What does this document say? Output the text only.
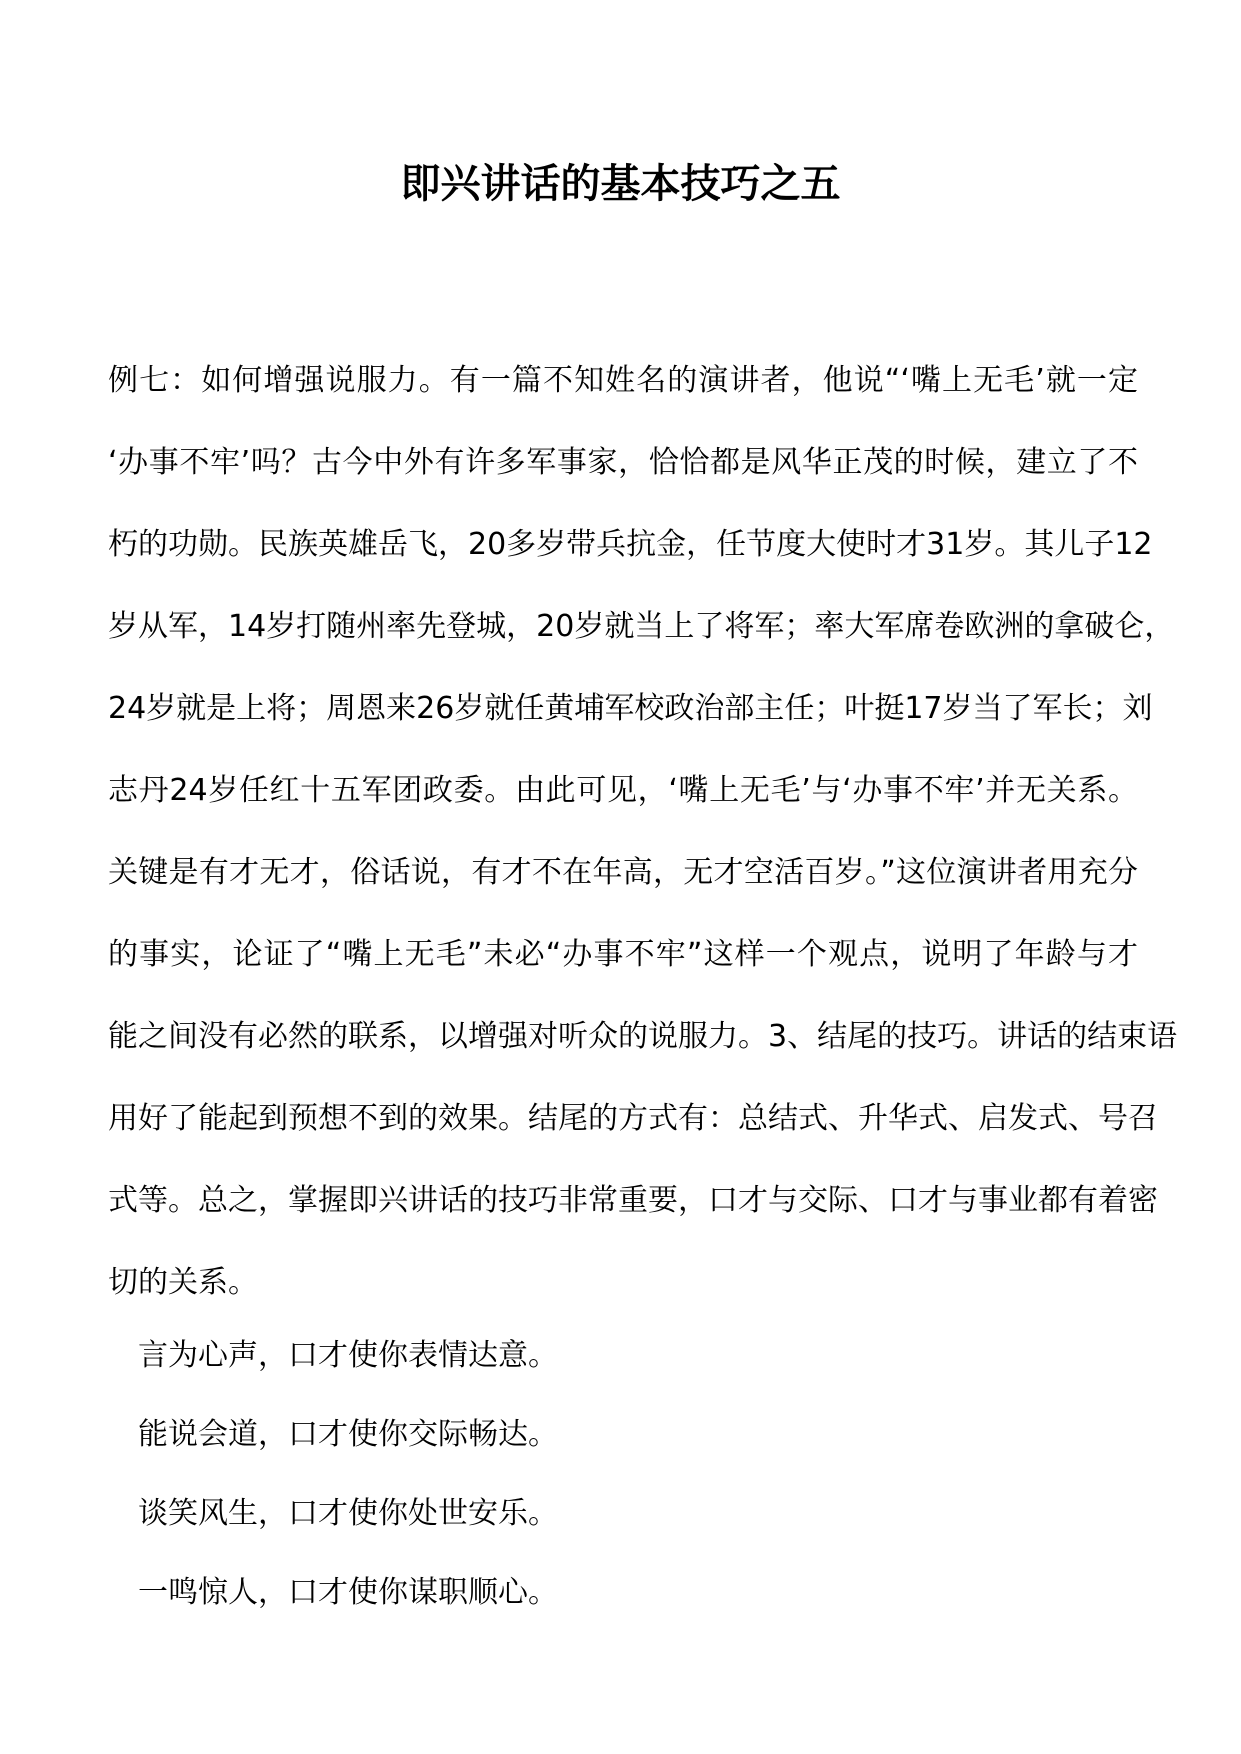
即兴讲话的基本技巧之五

例七：如何增强说服力。有一篇不知姓名的演讲者，他说“‘嘴上无毛’就一定
‘办事不牢’吗？古今中外有许多军事家，恰恰都是风华正茂的时候，建立了不
朽的功勋。民族英雄岳飞，20多岁带兵抗金，任节度大使时才31岁。其儿子12
岁从军，14岁打随州率先登城，20岁就当上了将军；率大军席卷欧洲的拿破仑，
24岁就是上将；周恩来26岁就任黄埔军校政治部主任；叶挺17岁当了军长；刘
志丹24岁任红十五军团政委。由此可见，‘嘴上无毛’与‘办事不牢’并无关系。
关键是有才无才，俗话说，有才不在年高，无才空活百岁。”这位演讲者用充分
的事实，论证了“嘴上无毛”未必“办事不牢”这样一个观点，说明了年龄与才
能之间没有必然的联系，以增强对听众的说服力。3、结尾的技巧。讲话的结束语
用好了能起到预想不到的效果。结尾的方式有：总结式、升华式、启发式、号召
式等。总之，掌握即兴讲话的技巧非常重要，口才与交际、口才与事业都有着密
切的关系。

言为心声，口才使你表情达意。
能说会道，口才使你交际畅达。
谈笑风生，口才使你处世安乐。
一鸣惊人，口才使你谋职顺心。
